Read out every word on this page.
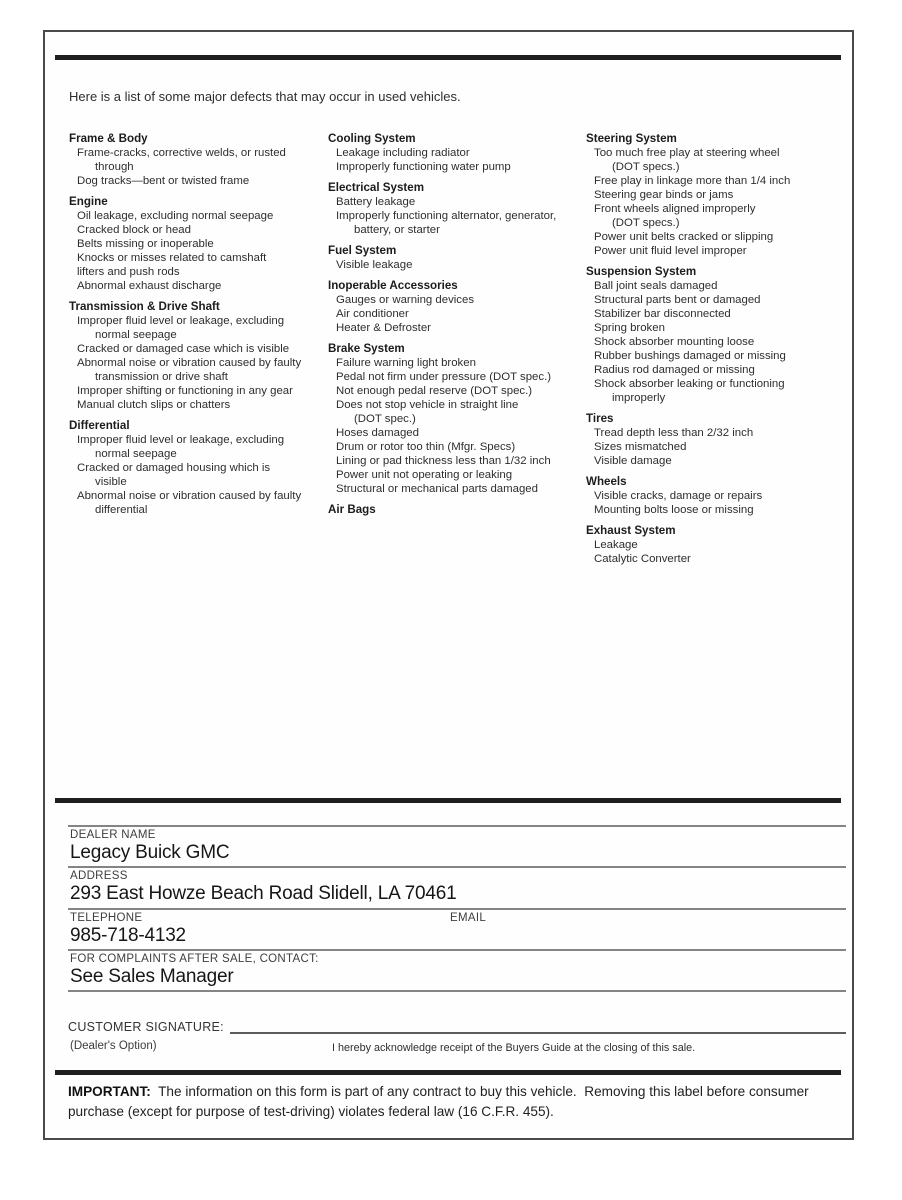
Here is a list of some major defects that may occur in used vehicles.
Frame & Body
Frame-cracks, corrective welds, or rusted
through
Dog tracks—bent or twisted frame
Engine
Oil leakage, excluding normal seepage
Cracked block or head
Belts missing or inoperable
Knocks or misses related to camshaft
lifters and push rods
Abnormal exhaust discharge
Transmission & Drive Shaft
Improper fluid level or leakage, excluding
normal seepage
Cracked or damaged case which is visible
Abnormal noise or vibration caused by faulty
transmission or drive shaft
Improper shifting or functioning in any gear
Manual clutch slips or chatters
Differential
Improper fluid level or leakage, excluding
normal seepage
Cracked or damaged housing which is
visible
Abnormal noise or vibration caused by faulty
differential
Cooling System
Leakage including radiator
Improperly functioning water pump
Electrical System
Battery leakage
Improperly functioning alternator, generator,
battery, or starter
Fuel System
Visible leakage
Inoperable Accessories
Gauges or warning devices
Air conditioner
Heater & Defroster
Brake System
Failure warning light broken
Pedal not firm under pressure (DOT spec.)
Not enough pedal reserve (DOT spec.)
Does not stop vehicle in straight line
(DOT spec.)
Hoses damaged
Drum or rotor too thin (Mfgr. Specs)
Lining or pad thickness less than 1/32 inch
Power unit not operating or leaking
Structural or mechanical parts damaged
Air Bags
Steering System
Too much free play at steering wheel
(DOT specs.)
Free play in linkage more than 1/4 inch
Steering gear binds or jams
Front wheels aligned improperly
(DOT specs.)
Power unit belts cracked or slipping
Power unit fluid level improper
Suspension System
Ball joint seals damaged
Structural parts bent or damaged
Stabilizer bar disconnected
Spring broken
Shock absorber mounting loose
Rubber bushings damaged or missing
Radius rod damaged or missing
Shock absorber leaking or functioning
improperly
Tires
Tread depth less than 2/32 inch
Sizes mismatched
Visible damage
Wheels
Visible cracks, damage or repairs
Mounting bolts loose or missing
Exhaust System
Leakage
Catalytic Converter
DEALER NAME
Legacy Buick GMC
ADDRESS
293 East Howze Beach Road Slidell, LA 70461
TELEPHONE
985-718-4132
EMAIL
FOR COMPLAINTS AFTER SALE, CONTACT:
See Sales Manager
CUSTOMER SIGNATURE:
(Dealer's Option)	I hereby acknowledge receipt of the Buyers Guide at the closing of this sale.
IMPORTANT:  The information on this form is part of any contract to buy this vehicle.  Removing this label before consumer purchase (except for purpose of test-driving) violates federal law (16 C.F.R. 455).
